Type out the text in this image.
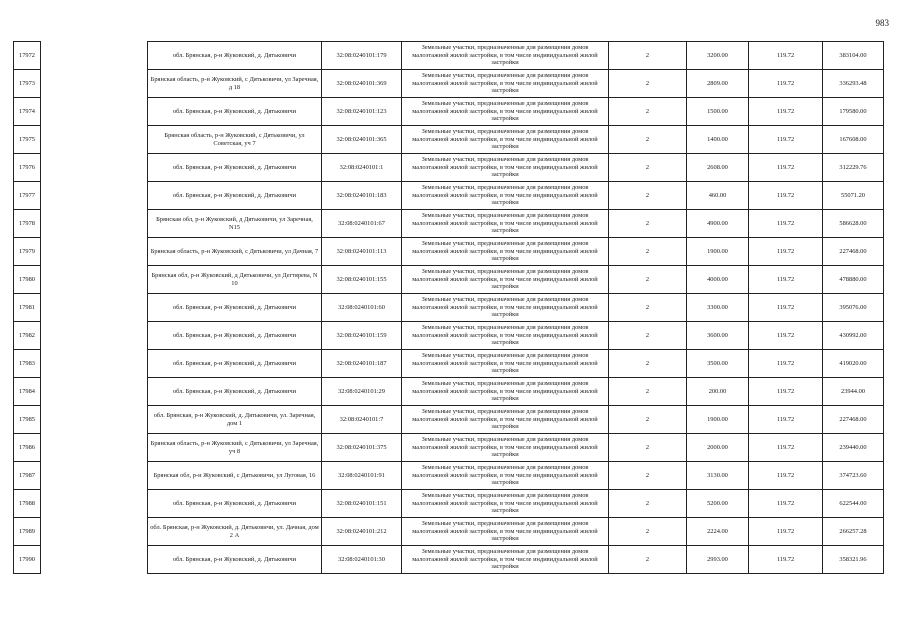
983
17972		обл. Брянская, р-н Жуковский, д. Дятьковичи	32:08:0240101:179	Земельные участки, предназначенные для размещения домов малоэтажной жилой застройки, в том числе индивидуальной жилой застройки	2	3200.00	119.72	383104.00
17973		Брянская область, р-н Жуковский, с Дятьковичи, ул Заречная, д 18	32:08:0240101:369	Земельные участки, предназначенные для размещения домов малоэтажной жилой застройки, в том числе индивидуальной жилой застройки	2	2809.00	119.72	336293.48
17974		обл. Брянская, р-н Жуковский, д. Дятьковичи	32:08:0240101:123	Земельные участки, предназначенные для размещения домов малоэтажной жилой застройки, в том числе индивидуальной жилой застройки	2	1500.00	119.72	179580.00
17975		Брянская область, р-н Жуковский, с Дятьковичи, ул Советская, уч 7	32:08:0240101:365	Земельные участки, предназначенные для размещения домов малоэтажной жилой застройки, в том числе индивидуальной жилой застройки	2	1400.00	119.72	167608.00
17976		обл. Брянская, р-н Жуковский, д. Дятьковичи	32:08:0240101:1	Земельные участки, предназначенные для размещения домов малоэтажной жилой застройки, в том числе индивидуальной жилой застройки	2	2608.00	119.72	312229.76
17977		обл. Брянская, р-н Жуковский, д. Дятьковичи	32:08:0240101:183	Земельные участки, предназначенные для размещения домов малоэтажной жилой застройки, в том числе индивидуальной жилой застройки	2	460.00	119.72	55071.20
17978		Брянская обл, р-н Жуковский, д Дятьковичи, ул Заречная, N15	32:08:0240101:67	Земельные участки, предназначенные для размещения домов малоэтажной жилой застройки, в том числе индивидуальной жилой застройки	2	4900.00	119.72	586628.00
17979		Брянская область, р-н Жуковский, с Дятьковичи, ул Дачная, 7	32:08:0240101:113	Земельные участки, предназначенные для размещения домов малоэтажной жилой застройки, в том числе индивидуальной жилой застройки	2	1900.00	119.72	227468.00
17980		Брянская обл, р-н Жуковский, д Дятьковичи, ул Дегтярева, N 10	32:08:0240101:155	Земельные участки, предназначенные для размещения домов малоэтажной жилой застройки, в том числе индивидуальной жилой застройки	2	4000.00	119.72	478880.00
17981		обл. Брянская, р-н Жуковский, д. Дятьковичи	32:08:0240101:60	Земельные участки, предназначенные для размещения домов малоэтажной жилой застройки, в том числе индивидуальной жилой застройки	2	3300.00	119.72	395076.00
17982		обл. Брянская, р-н Жуковский, д. Дятьковичи	32:08:0240101:159	Земельные участки, предназначенные для размещения домов малоэтажной жилой застройки, в том числе индивидуальной жилой застройки	2	3600.00	119.72	430992.00
17983		обл. Брянская, р-н Жуковский, д. Дятьковичи	32:08:0240101:187	Земельные участки, предназначенные для размещения домов малоэтажной жилой застройки, в том числе индивидуальной жилой застройки	2	3500.00	119.72	419020.00
17984		обл. Брянская, р-н Жуковский, д. Дятьковичи	32:08:0240101:29	Земельные участки, предназначенные для размещения домов малоэтажной жилой застройки, в том числе индивидуальной жилой застройки	2	200.00	119.72	23944.00
17985		обл. Брянская, р-н Жуковский, д. Дятьковичи, ул. Заречная, дом 1	32:08:0240101:7	Земельные участки, предназначенные для размещения домов малоэтажной жилой застройки, в том числе индивидуальной жилой застройки	2	1900.00	119.72	227468.00
17986		Брянская область, р-н Жуковский, с Дятьковичи, ул Заречная, уч 8	32:08:0240101:375	Земельные участки, предназначенные для размещения домов малоэтажной жилой застройки, в том числе индивидуальной жилой застройки	2	2000.00	119.72	239440.00
17987		Брянская обл, р-н Жуковский, с Дятьковичи, ул Луговая, 16	32:08:0240101:91	Земельные участки, предназначенные для размещения домов малоэтажной жилой застройки, в том числе индивидуальной жилой застройки	2	3130.00	119.72	374723.60
17988		обл. Брянская, р-н Жуковский, д. Дятьковичи	32:08:0240101:151	Земельные участки, предназначенные для размещения домов малоэтажной жилой застройки, в том числе индивидуальной жилой застройки	2	5200.00	119.72	622544.00
17989		обл. Брянская, р-н Жуковский, д. Дятьковичи, ул. Дачная, дом 2 А	32:08:0240101:212	Земельные участки, предназначенные для размещения домов малоэтажной жилой застройки, в том числе индивидуальной жилой застройки	2	2224.00	119.72	266257.28
17990		обл. Брянская, р-н Жуковский, д. Дятьковичи	32:08:0240101:30	Земельные участки, предназначенные для размещения домов малоэтажной жилой застройки, в том числе индивидуальной жилой застройки	2	2993.00	119.72	358321.96
